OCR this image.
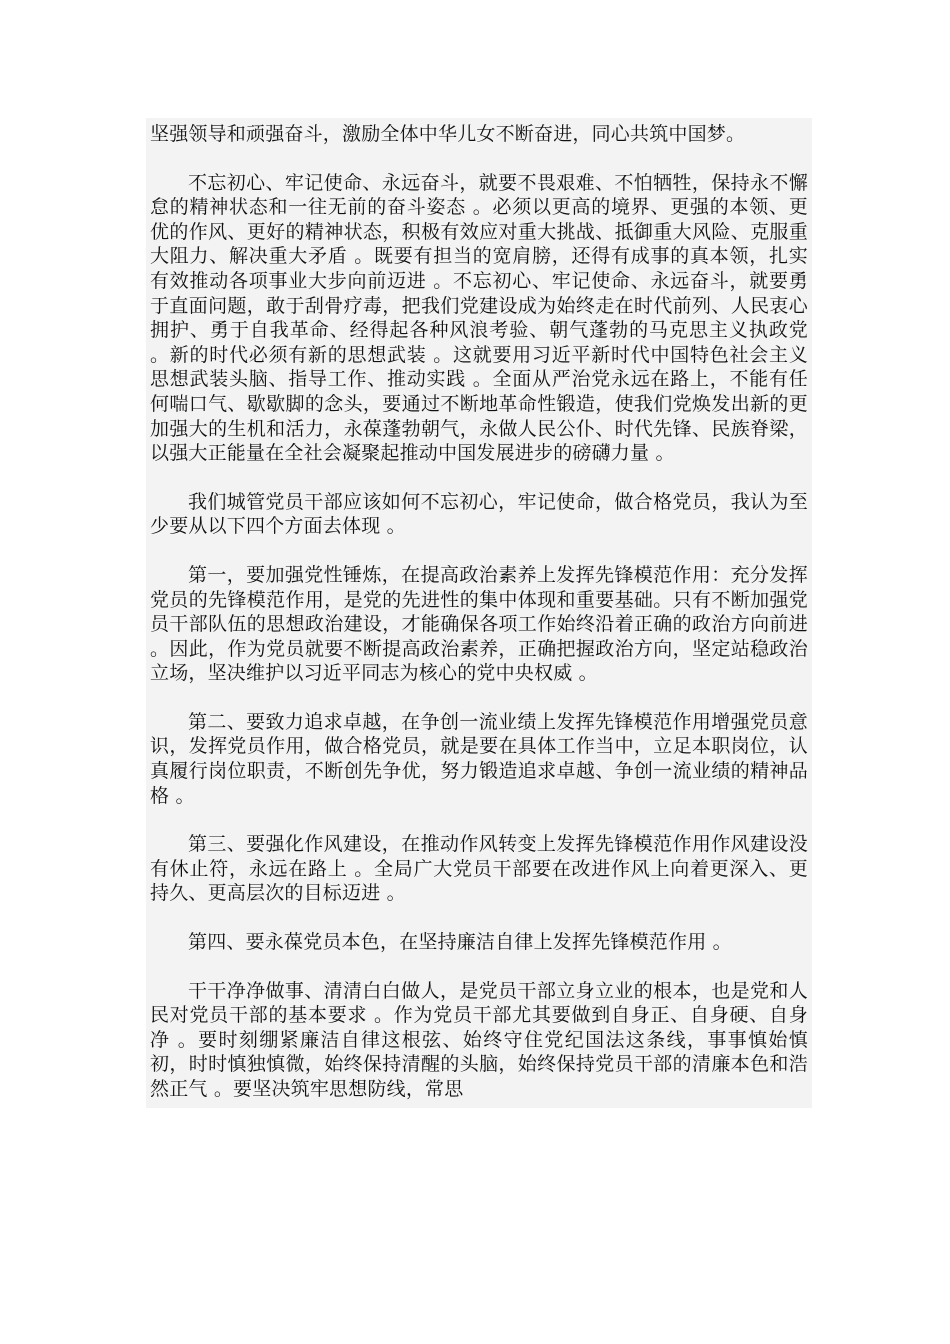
坚强领导和顽强奋斗，激励全体中华儿女不断奋进，同心共筑中国梦。

不忘初心、牢记使命、永远奋斗，就要不畏艰难、不怕牺牲，保持永不懈怠的精神状态和一往无前的奋斗姿态 。必须以更高的境界、更强的本领、更优的作风、更好的精神状态，积极有效应对重大挑战、抵御重大风险、克服重大阻力、解决重大矛盾 。既要有担当的宽肩膀，还得有成事的真本领，扎实有效推动各项事业大步向前迈进 。不忘初心、牢记使命、永远奋斗，就要勇于直面问题，敢于刮骨疗毒，把我们党建设成为始终走在时代前列、人民衷心拥护、勇于自我革命、经得起各种风浪考验、朝气蓬勃的马克思主义执政党 。新的时代必须有新的思想武装 。这就要用习近平新时代中国特色社会主义思想武装头脑、指导工作、推动实践 。全面从严治党永远在路上，不能有任何喘口气、歇歇脚的念头，要通过不断地革命性锻造，使我们党焕发出新的更加强大的生机和活力，永葆蓬勃朝气，永做人民公仆、时代先锋、民族脊梁，以强大正能量在全社会凝聚起推动中国发展进步的磅礴力量 。

我们城管党员干部应该如何不忘初心，牢记使命，做合格党员，我认为至少要从以下四个方面去体现 。

第一，要加强党性锤炼，在提高政治素养上发挥先锋模范作用：充分发挥党员的先锋模范作用，是党的先进性的集中体现和重要基础。只有不断加强党员干部队伍的思想政治建设，才能确保各项工作始终沿着正确的政治方向前进 。因此，作为党员就要不断提高政治素养，正确把握政治方向，坚定站稳政治立场，坚决维护以习近平同志为核心的党中央权威 。

第二、要致力追求卓越，在争创一流业绩上发挥先锋模范作用增强党员意识，发挥党员作用，做合格党员，就是要在具体工作当中，立足本职岗位，认真履行岗位职责，不断创先争优，努力锻造追求卓越、争创一流业绩的精神品格 。

第三、要强化作风建设，在推动作风转变上发挥先锋模范作用作风建设没有休止符，永远在路上 。全局广大党员干部要在改进作风上向着更深入、更持久、更高层次的目标迈进 。

第四、要永葆党员本色，在坚持廉洁自律上发挥先锋模范作用 。

干干净净做事、清清白白做人，是党员干部立身立业的根本，也是党和人民对党员干部的基本要求 。作为党员干部尤其要做到自身正、自身硬、自身净 。要时刻绷紧廉洁自律这根弦、始终守住党纪国法这条线，事事慎始慎初，时时慎独慎微，始终保持清醒的头脑，始终保持党员干部的清廉本色和浩然正气 。要坚决筑牢思想防线，常思
